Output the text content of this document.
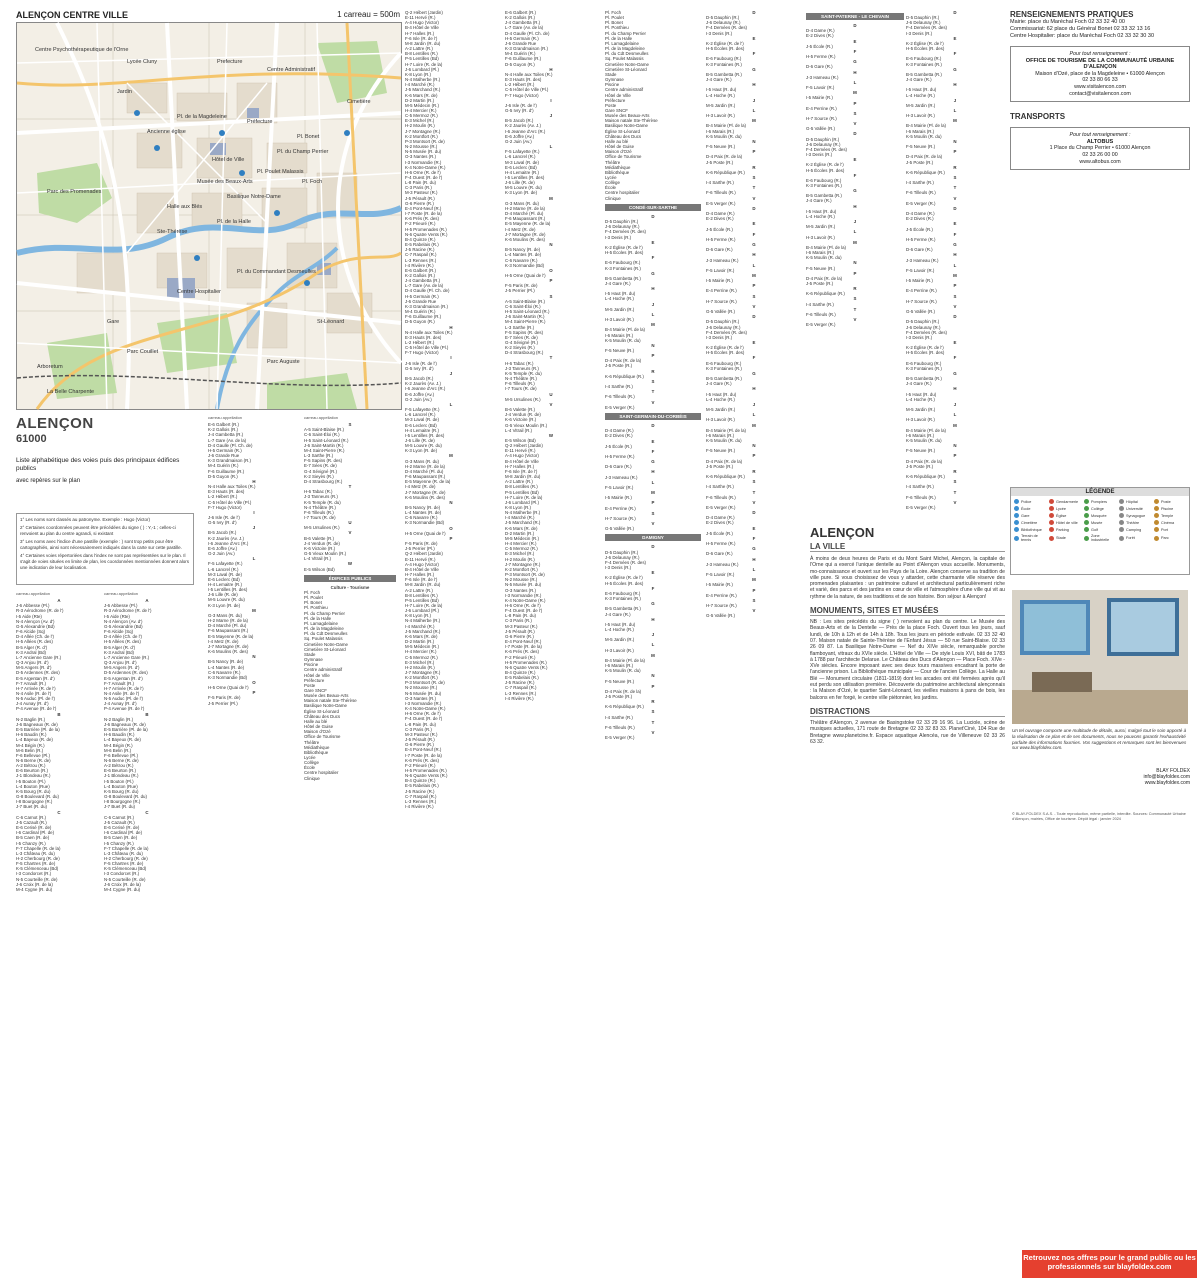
ALENÇON CENTRE VILLE	1 carreau = 500m
Centre Psychothérapeutique de l'Orne
Lycée Cluny	Prefecture
Centre Administratif
Jardin
Hôtel de Ville
Préfecture
Pl. de la Magdeleine
Ancienne église
Musée des Beaux-Arts
Basilique Notre-Dame
Halle aux Blés
Ste-Thérèse
Parc des Promenades
Pl. du Champ Perrier
Pl. Poulet Malassis
Pl. de la Halle
Gare
Centre Hospitalier
Parc Couillet
Arboretum
La Belle Charpente
Pl. Bonet
Pl. du Commandant Desmeulles
Pl. Foch
St-Léonard
Cimetière
Parc Auguste
ALENÇON
61000
Liste alphabétique des voies puis des principaux édifices publics
avec repères sur le plan

1° Les noms sont classés au patronyme. Exemple : Hugo (Victor)

2° Certaines coordonnées peuvent être précédées du signe ( ) : Y,-1 ; celles-ci renvoient au plan du centre agrandi, si existant

3° Les noms avec l'indice d'une pastille (exemple : ) sont trop petits pour être cartographiés, ainsi sont nécessairement indiqués dans la carte sur cette pastille.

4° Certaines voies répertoriées dans l'index ne sont pas représentées sur le plan. Il s'agit de voies situées en limite de plan, les coordonnées mentionnées donnent alors une indication de leur localisation.

carreau appellation
A
J-6 Abbesse (Pl.)
R-3 Aérodrome (R. de l')
I-5 Aide (Rte)
N-4 Alençon (Av. d')
G-5 Alexandrie (Bd)
F-6 Alcide (Sq)
D-4 Allée (Ch. de l')
H-5 Allées (R. des)
B-5 Alger (R. d')
K-3 Andral (Bd)
L-7 Ancienne Gare (R.)
Q-3 Anjou (R. d')
M-5 Angers (R. d')
D-5 Ardennes (R. des)
E-5 Argentan (R. d')
F-7 Arnault (R.)
H-7 Arrivée (R. de l')
N-4 Asile (R. de l')
N-5 Auduc (Pl. de l')
J-4 Aunay (R. d')
P-4 Avenue (R. de l')
B
N-2 Baglin (R.)
J-6 Bagneaux (R. de)
E-5 Barrière (Pl. de la)
H-6 Baudin (R.)
L-4 Bayeux (R. de)
M-4 Bégin (R.)
M-6 Belin (R.)
F-6 Bellevue (Pl.)
N-6 Berne (R. de)
A-2 Bétrou (R.)
E-6 Beurton (R.)
J-1 Blondeau (R.)
I-5 Bouton (Pl.)
L-4 Bouton (Rue)
K-5 Bourg (R. du)
G-8 Boulevard (R. du)
I-8 Bourgogne (R.)
J-7 Buet (R. du)
C
C-6 Carnot (R.)
J-5 Cazault (R.)
E-6 Cerisé (R. de)
I-6 Cardinal (Pl. de)
B-5 Caen (R. de)
I-5 Chanzy (R.)
F-7 Chapelle (R. de la)
L-3 Château (R. du)
H-2 Cherbourg (R. de)
F-5 Chartres (R. de)
K-5 Clémenceau (Bd)
I-3 Condorcet (R.)
N-5 Courteille (R. de)
J-6 Croix (R. de la)
M-4 Cygne (R. du)
carreau appellation
A
J-6 Abbesse (Pl.)
R-3 Aérodrome (R. de l')
I-5 Aide (Rte)
N-4 Alençon (Av. d')
G-5 Alexandrie (Bd)
F-6 Alcide (Sq)
D-4 Allée (Ch. de l')
H-5 Allées (R. des)
B-5 Alger (R. d')
K-3 Andral (Bd)
L-7 Ancienne Gare (R.)
Q-3 Anjou (R. d')
M-5 Angers (R. d')
D-5 Ardennes (R. des)
E-5 Argentan (R. d')
F-7 Arnault (R.)
H-7 Arrivée (R. de l')
N-4 Asile (R. de l')
N-5 Auduc (Pl. de l')
J-4 Aunay (R. d')
P-4 Avenue (R. de l')
B
N-2 Baglin (R.)
J-6 Bagneaux (R. de)
E-5 Barrière (Pl. de la)
H-6 Baudin (R.)
L-4 Bayeux (R. de)
M-4 Bégin (R.)
M-6 Belin (R.)
F-6 Bellevue (Pl.)
N-6 Berne (R. de)
A-2 Bétrou (R.)
E-6 Beurton (R.)
J-1 Blondeau (R.)
I-5 Bouton (Pl.)
L-4 Bouton (Rue)
K-5 Bourg (R. du)
G-8 Boulevard (R. du)
I-8 Bourgogne (R.)
J-7 Buet (R. du)
C
C-6 Carnot (R.)
J-5 Cazault (R.)
E-6 Cerisé (R. de)
I-6 Cardinal (Pl. de)
B-5 Caen (R. de)
I-5 Chanzy (R.)
F-7 Chapelle (R. de la)
L-3 Château (R. du)
H-2 Cherbourg (R. de)
F-5 Chartres (R. de)
K-5 Clémenceau (Bd)
I-3 Condorcet (R.)
N-5 Courteille (R. de)
J-6 Croix (R. de la)
M-4 Cygne (R. du)
carreau appellation
E-6 Galbert (R.)
K-2 Gallois (R.)
J-4 Gambetta (R.)
L-7 Gare (Av. de la)
D-4 Gaulle (Pl. Ch. de)
H-5 Germain (R.)
J-6 Grande Rue
K-3 Grandmaison (R.)
M-4 Guérin (R.)
F-6 Guillaume (R.)
D-5 Guyon (R.)
H
N-4 Halle aux Toiles (R.)
E-3 Hauts (R. des)
L-2 Hébert (R.)
C-5 Hôtel de Ville (Pl.)
F-7 Hugo (Victor)
I
J-6 Isle (R. de l')
G-5 Ivry (R. d')
J
B-5 Jacob (R.)
K-2 Jaurès (Av. J.)
I-6 Jeanne d'Arc (R.)
E-6 Joffre (Av.)
G-2 Juin (Av.)
L
F-5 Lafayette (R.)
L-6 Lancrel (R.)
M-3 Laval (R. de)
E-6 Leclerc (Bd)
H-4 Lemaitre (R.)
I-5 Lentilles (R. des)
J-6 Lille (R. de)
M-5 Louvre (R. du)
K-3 Lyon (R. de)
M
G-3 Mans (R. du)
H-2 Marne (R. de la)
D-4 Marché (Pl. du)
F-6 Maupassant (R.)
E-5 Mayenne (R. de la)
I-4 Metz (R. de)
J-7 Mortagne (R. de)
K-6 Moulins (R. des)
N
B-5 Nancy (R. de)
L-4 Nantes (R. de)
C-6 Navarre (R.)
K-3 Normandie (Bd)
O
H-5 Orne (Quai de l')
P
F-5 Paris (R. de)
J-5 Perrier (Pl.)
carreau appellation
S
A-5 Saint-Blaise (R.)
C-6 Saint-Éloi (R.)
H-5 Saint-Léonard (R.)
J-6 Saint-Martin (R.)
M-4 Saint-Pierre (R.)
L-3 Sarthe (R.)
F-5 Sapins (R. des)
E-7 Sées (R. de)
G-4 Sévigné (R.)
K-2 Sieyès (R.)
D-4 Strasbourg (R.)
T
H-6 Tabac (R.)
J-3 Tanneurs (R.)
K-5 Temple (R. du)
N-4 Théâtre (R.)
F-6 Tilleuls (R.)
I-7 Tours (R. de)
U
M-5 Ursulines (R.)
V
B-6 Valette (R.)
J-4 Verdun (R. de)
K-6 Victoire (R.)
G-5 Vieux Moulin (R.)
L-4 Vitrail (R.)
W
E-5 Wilson (Bd)
ÉDIFICES PUBLICS
Culture - Tourisme
Pl. Foch
Pl. Poulet
Pl. Bonet
Pl. Ponthieu
Pl. du Champ Perrier
Pl. de la Halle
Pl. Lamagdelaine
Pl. de la Magdeleine
Pl. du Cdt Desmeulles
Sq. Poulet Malassis
Cimetière Notre-Dame
Cimetière St-Léonard
Stade
Gymnase
Piscine
Centre administratif
Hôtel de Ville
Préfecture
Poste
Gare SNCF
Musée des Beaux-Arts
Maison natale Ste-Thérèse
Basilique Notre-Dame
Église St-Léonard
Château des Ducs
Halle au blé
Hôtel de Guise
Maison d'Ozé
Office de Tourisme
Théâtre
Médiathèque
Bibliothèque
Lycée
Collège
École
Centre hospitalier
Clinique
Q-2 Hébert (Jardin)
E-11 Hervé (R.)
A-4 Hugo (Victor)
B-4 Hôtel de Ville
H-7 Halles (R.)
F-6 Isle (R. de l')
M-8 Jardin (R. du)
A-2 Lattre (R.)
B-8 Lentilles (R.)
P-5 Lentilles (Bd)
H-7 Loire (R. de la)
J-6 Lombard (Pl.)
K-8 Lyon (R.)
N-4 Malherbe (R.)
I-4 Marché (R.)
J-5 Marchand (R.)
K-6 Mars (R. de)
D-2 Martin (R.)
M-5 Médecin (R.)
H-4 Mercier (R.)
C-5 Mermoz (R.)
E-3 Michel (R.)
H-2 Moulin (R.)
J-7 Montagne (R.)
K-2 Montfort (R.)
P-3 Montsort (R. de)
N-2 Mousse (R.)
N-5 Musée (R. du)
O-3 Nantes (R.)
I-3 Normandie (R.)
K-4 Notre-Dame (R.)
H-6 Orne (R. de l')
F-4 Ouest (R. de l')
L-8 Pain (R. du)
C-3 Paris (R.)
M-3 Pasteur (R.)
J-5 Pérault (R.)
G-6 Pierre (R.)
E-4 Pont-Neuf (R.)
I-7 Poste (R. de la)
K-6 Prés (R. des)
F-2 Prieuré (R.)
H-5 Promenades (R.)
N-6 Quatre Vents (R.)
B-4 Quinze (R.)
E-5 Rabelais (R.)
J-5 Racine (R.)
C-7 Raspail (R.)
L-3 Rennes (R.)
I-4 Rivière (R.)
E-6 Galbert (R.)
K-2 Gallois (R.)
J-4 Gambetta (R.)
L-7 Gare (Av. de la)
D-4 Gaulle (Pl. Ch. de)
H-5 Germain (R.)
J-6 Grande Rue
K-3 Grandmaison (R.)
M-4 Guérin (R.)
F-6 Guillaume (R.)
D-5 Guyon (R.)
H
N-4 Halle aux Toiles (R.)
E-3 Hauts (R. des)
L-2 Hébert (R.)
C-5 Hôtel de Ville (Pl.)
F-7 Hugo (Victor)
I
J-6 Isle (R. de l')
G-5 Ivry (R. d')
J
B-5 Jacob (R.)
K-2 Jaurès (Av. J.)
I-6 Jeanne d'Arc (R.)
E-6 Joffre (Av.)
G-2 Juin (Av.)
L
F-5 Lafayette (R.)
L-6 Lancrel (R.)
M-3 Laval (R. de)
E-6 Leclerc (Bd)
H-4 Lemaitre (R.)
I-5 Lentilles (R. des)
J-6 Lille (R. de)
M-5 Louvre (R. du)
K-3 Lyon (R. de)
M
G-3 Mans (R. du)
H-2 Marne (R. de la)
D-4 Marché (Pl. du)
F-6 Maupassant (R.)
E-5 Mayenne (R. de la)
I-4 Metz (R. de)
J-7 Mortagne (R. de)
K-6 Moulins (R. des)
N
B-5 Nancy (R. de)
L-4 Nantes (R. de)
C-6 Navarre (R.)
K-3 Normandie (Bd)
O
H-5 Orne (Quai de l')
P
F-5 Paris (R. de)
J-5 Perrier (Pl.)
Q-2 Hébert (Jardin)
E-11 Hervé (R.)
A-4 Hugo (Victor)
B-4 Hôtel de Ville
H-7 Halles (R.)
F-6 Isle (R. de l')
M-8 Jardin (R. du)
A-2 Lattre (R.)
B-8 Lentilles (R.)
P-5 Lentilles (Bd)
H-7 Loire (R. de la)
J-6 Lombard (Pl.)
K-8 Lyon (R.)
N-4 Malherbe (R.)
I-4 Marché (R.)
J-5 Marchand (R.)
K-6 Mars (R. de)
D-2 Martin (R.)
M-5 Médecin (R.)
H-4 Mercier (R.)
C-5 Mermoz (R.)
E-3 Michel (R.)
H-2 Moulin (R.)
J-7 Montagne (R.)
K-2 Montfort (R.)
P-3 Montsort (R. de)
N-2 Mousse (R.)
N-5 Musée (R. du)
O-3 Nantes (R.)
I-3 Normandie (R.)
K-4 Notre-Dame (R.)
H-6 Orne (R. de l')
F-4 Ouest (R. de l')
L-8 Pain (R. du)
C-3 Paris (R.)
M-3 Pasteur (R.)
J-5 Pérault (R.)
G-6 Pierre (R.)
E-4 Pont-Neuf (R.)
I-7 Poste (R. de la)
K-6 Prés (R. des)
F-2 Prieuré (R.)
H-5 Promenades (R.)
N-6 Quatre Vents (R.)
B-4 Quinze (R.)
E-5 Rabelais (R.)
J-5 Racine (R.)
C-7 Raspail (R.)
L-3 Rennes (R.)
I-4 Rivière (R.)
E-6 Galbert (R.)
K-2 Gallois (R.)
J-4 Gambetta (R.)
L-7 Gare (Av. de la)
D-4 Gaulle (Pl. Ch. de)
H-5 Germain (R.)
J-6 Grande Rue
K-3 Grandmaison (R.)
M-4 Guérin (R.)
F-6 Guillaume (R.)
D-5 Guyon (R.)
H
N-4 Halle aux Toiles (R.)
E-3 Hauts (R. des)
L-2 Hébert (R.)
C-5 Hôtel de Ville (Pl.)
F-7 Hugo (Victor)
I
J-6 Isle (R. de l')
G-5 Ivry (R. d')
J
B-5 Jacob (R.)
K-2 Jaurès (Av. J.)
I-6 Jeanne d'Arc (R.)
E-6 Joffre (Av.)
G-2 Juin (Av.)
L
F-5 Lafayette (R.)
L-6 Lancrel (R.)
M-3 Laval (R. de)
E-6 Leclerc (Bd)
H-4 Lemaitre (R.)
I-5 Lentilles (R. des)
J-6 Lille (R. de)
M-5 Louvre (R. du)
K-3 Lyon (R. de)
M
G-3 Mans (R. du)
H-2 Marne (R. de la)
D-4 Marché (Pl. du)
F-6 Maupassant (R.)
E-5 Mayenne (R. de la)
I-4 Metz (R. de)
J-7 Mortagne (R. de)
K-6 Moulins (R. des)
N
B-5 Nancy (R. de)
L-4 Nantes (R. de)
C-6 Navarre (R.)
K-3 Normandie (Bd)
O
H-5 Orne (Quai de l')
P
F-5 Paris (R. de)
J-5 Perrier (Pl.)
S
A-5 Saint-Blaise (R.)
C-6 Saint-Éloi (R.)
H-5 Saint-Léonard (R.)
J-6 Saint-Martin (R.)
M-4 Saint-Pierre (R.)
L-3 Sarthe (R.)
F-5 Sapins (R. des)
E-7 Sées (R. de)
G-4 Sévigné (R.)
K-2 Sieyès (R.)
D-4 Strasbourg (R.)
T
H-6 Tabac (R.)
J-3 Tanneurs (R.)
K-5 Temple (R. du)
N-4 Théâtre (R.)
F-6 Tilleuls (R.)
I-7 Tours (R. de)
U
M-5 Ursulines (R.)
V
B-6 Valette (R.)
J-4 Verdun (R. de)
K-6 Victoire (R.)
G-5 Vieux Moulin (R.)
L-4 Vitrail (R.)
W
E-5 Wilson (Bd)
Q-2 Hébert (Jardin)
E-11 Hervé (R.)
A-4 Hugo (Victor)
B-4 Hôtel de Ville
H-7 Halles (R.)
F-6 Isle (R. de l')
M-8 Jardin (R. du)
A-2 Lattre (R.)
B-8 Lentilles (R.)
P-5 Lentilles (Bd)
H-7 Loire (R. de la)
J-6 Lombard (Pl.)
K-8 Lyon (R.)
N-4 Malherbe (R.)
I-4 Marché (R.)
J-5 Marchand (R.)
K-6 Mars (R. de)
D-2 Martin (R.)
M-5 Médecin (R.)
H-4 Mercier (R.)
C-5 Mermoz (R.)
E-3 Michel (R.)
H-2 Moulin (R.)
J-7 Montagne (R.)
K-2 Montfort (R.)
P-3 Montsort (R. de)
N-2 Mousse (R.)
N-5 Musée (R. du)
O-3 Nantes (R.)
I-3 Normandie (R.)
K-4 Notre-Dame (R.)
H-6 Orne (R. de l')
F-4 Ouest (R. de l')
L-8 Pain (R. du)
C-3 Paris (R.)
M-3 Pasteur (R.)
J-5 Pérault (R.)
G-6 Pierre (R.)
E-4 Pont-Neuf (R.)
I-7 Poste (R. de la)
K-6 Prés (R. des)
F-2 Prieuré (R.)
H-5 Promenades (R.)
N-6 Quatre Vents (R.)
B-4 Quinze (R.)
E-5 Rabelais (R.)
J-5 Racine (R.)
C-7 Raspail (R.)
L-3 Rennes (R.)
I-4 Rivière (R.)
Pl. Foch
Pl. Poulet
Pl. Bonet
Pl. Ponthieu
Pl. du Champ Perrier
Pl. de la Halle
Pl. Lamagdelaine
Pl. de la Magdeleine
Pl. du Cdt Desmeulles
Sq. Poulet Malassis
Cimetière Notre-Dame
Cimetière St-Léonard
Stade
Gymnase
Piscine
Centre administratif
Hôtel de Ville
Préfecture
Poste
Gare SNCF
Musée des Beaux-Arts
Maison natale Ste-Thérèse
Basilique Notre-Dame
Église St-Léonard
Château des Ducs
Halle au blé
Hôtel de Guise
Maison d'Ozé
Office de Tourisme
Théâtre
Médiathèque
Bibliothèque
Lycée
Collège
École
Centre hospitalier
Clinique
CONDÉ-SUR-SARTHE
D
D-5 Dauphin (R.)
J-6 Delaunay (R.)
F-4 Demées (R. des)
I-3 Denis (R.)
E
K-2 Église (R. de l')
H-5 Écoles (R. des)
F
E-6 Faubourg (R.)
K-3 Fontaines (R.)
G
B-5 Gambetta (R.)
J-4 Gare (R.)
H
I-5 Haut (R. du)
L-4 Hoche (R.)
J
M-5 Jardin (R.)
L
H-3 Lavoir (R.)
M
B-4 Mairie (Pl. de la)
I-6 Marais (R.)
K-5 Moulin (R. du)
N
F-5 Neuve (R.)
P
D-4 Paix (R. de la)
J-5 Poste (R.)
R
K-6 République (R.)
S
I-4 Sarthe (R.)
T
F-6 Tilleuls (R.)
V
E-5 Verger (R.)
SAINT-GERMAIN-DU-CORBÉIS
D
D-4 Dame (R.)
E-2 Dives (R.)
E
J-5 École (R.)
F
H-5 Ferme (R.)
G
D-6 Gare (R.)
H
J-3 Hameau (R.)
L
F-5 Lavoir (R.)
M
I-5 Mairie (R.)
P
E-4 Perrine (R.)
S
H-7 Source (R.)
V
G-5 Vallée (R.)
DAMIGNY
D
D-5 Dauphin (R.)
J-6 Delaunay (R.)
F-4 Demées (R. des)
I-3 Denis (R.)
E
K-2 Église (R. de l')
H-5 Écoles (R. des)
F
E-6 Faubourg (R.)
K-3 Fontaines (R.)
G
B-5 Gambetta (R.)
J-4 Gare (R.)
H
I-5 Haut (R. du)
L-4 Hoche (R.)
J
M-5 Jardin (R.)
L
H-3 Lavoir (R.)
M
B-4 Mairie (Pl. de la)
I-6 Marais (R.)
K-5 Moulin (R. du)
N
F-5 Neuve (R.)
P
D-4 Paix (R. de la)
J-5 Poste (R.)
R
K-6 République (R.)
S
I-4 Sarthe (R.)
T
F-6 Tilleuls (R.)
V
E-5 Verger (R.)
D
D-5 Dauphin (R.)
J-6 Delaunay (R.)
F-4 Demées (R. des)
I-3 Denis (R.)
E
K-2 Église (R. de l')
H-5 Écoles (R. des)
F
E-6 Faubourg (R.)
K-3 Fontaines (R.)
G
B-5 Gambetta (R.)
J-4 Gare (R.)
H
I-5 Haut (R. du)
L-4 Hoche (R.)
J
M-5 Jardin (R.)
L
H-3 Lavoir (R.)
M
B-4 Mairie (Pl. de la)
I-6 Marais (R.)
K-5 Moulin (R. du)
N
F-5 Neuve (R.)
P
D-4 Paix (R. de la)
J-5 Poste (R.)
R
K-6 République (R.)
S
I-4 Sarthe (R.)
T
F-6 Tilleuls (R.)
V
E-5 Verger (R.)
D
D-4 Dame (R.)
E-2 Dives (R.)
E
J-5 École (R.)
F
H-5 Ferme (R.)
G
D-6 Gare (R.)
H
J-3 Hameau (R.)
L
F-5 Lavoir (R.)
M
I-5 Mairie (R.)
P
E-4 Perrine (R.)
S
H-7 Source (R.)
V
G-5 Vallée (R.)
D
D-5 Dauphin (R.)
J-6 Delaunay (R.)
F-4 Demées (R. des)
I-3 Denis (R.)
E
K-2 Église (R. de l')
H-5 Écoles (R. des)
F
E-6 Faubourg (R.)
K-3 Fontaines (R.)
G
B-5 Gambetta (R.)
J-4 Gare (R.)
H
I-5 Haut (R. du)
L-4 Hoche (R.)
J
M-5 Jardin (R.)
L
H-3 Lavoir (R.)
M
B-4 Mairie (Pl. de la)
I-6 Marais (R.)
K-5 Moulin (R. du)
N
F-5 Neuve (R.)
P
D-4 Paix (R. de la)
J-5 Poste (R.)
R
K-6 République (R.)
S
I-4 Sarthe (R.)
T
F-6 Tilleuls (R.)
V
E-5 Verger (R.)
D
D-4 Dame (R.)
E-2 Dives (R.)
E
J-5 École (R.)
F
H-5 Ferme (R.)
G
D-6 Gare (R.)
H
J-3 Hameau (R.)
L
F-5 Lavoir (R.)
M
I-5 Mairie (R.)
P
E-4 Perrine (R.)
S
H-7 Source (R.)
V
G-5 Vallée (R.)
SAINT-PATERNE - LE CHEVAIN
D
D-4 Dame (R.)
E-2 Dives (R.)
E
J-5 École (R.)
F
H-5 Ferme (R.)
G
D-6 Gare (R.)
H
J-3 Hameau (R.)
L
F-5 Lavoir (R.)
M
I-5 Mairie (R.)
P
E-4 Perrine (R.)
S
H-7 Source (R.)
V
G-5 Vallée (R.)
D
D-5 Dauphin (R.)
J-6 Delaunay (R.)
F-4 Demées (R. des)
I-3 Denis (R.)
E
K-2 Église (R. de l')
H-5 Écoles (R. des)
F
E-6 Faubourg (R.)
K-3 Fontaines (R.)
G
B-5 Gambetta (R.)
J-4 Gare (R.)
H
I-5 Haut (R. du)
L-4 Hoche (R.)
J
M-5 Jardin (R.)
L
H-3 Lavoir (R.)
M
B-4 Mairie (Pl. de la)
I-6 Marais (R.)
K-5 Moulin (R. du)
N
F-5 Neuve (R.)
P
D-4 Paix (R. de la)
J-5 Poste (R.)
R
K-6 République (R.)
S
I-4 Sarthe (R.)
T
F-6 Tilleuls (R.)
V
E-5 Verger (R.)
D
D-5 Dauphin (R.)
J-6 Delaunay (R.)
F-4 Demées (R. des)
I-3 Denis (R.)
E
K-2 Église (R. de l')
H-5 Écoles (R. des)
F
E-6 Faubourg (R.)
K-3 Fontaines (R.)
G
B-5 Gambetta (R.)
J-4 Gare (R.)
H
I-5 Haut (R. du)
L-4 Hoche (R.)
J
M-5 Jardin (R.)
L
H-3 Lavoir (R.)
M
B-4 Mairie (Pl. de la)
I-6 Marais (R.)
K-5 Moulin (R. du)
N
F-5 Neuve (R.)
P
D-4 Paix (R. de la)
J-5 Poste (R.)
R
K-6 République (R.)
S
I-4 Sarthe (R.)
T
F-6 Tilleuls (R.)
V
E-5 Verger (R.)
D
D-4 Dame (R.)
E-2 Dives (R.)
E
J-5 École (R.)
F
H-5 Ferme (R.)
G
D-6 Gare (R.)
H
J-3 Hameau (R.)
L
F-5 Lavoir (R.)
M
I-5 Mairie (R.)
P
E-4 Perrine (R.)
S
H-7 Source (R.)
V
G-5 Vallée (R.)
D
D-5 Dauphin (R.)
J-6 Delaunay (R.)
F-4 Demées (R. des)
I-3 Denis (R.)
E
K-2 Église (R. de l')
H-5 Écoles (R. des)
F
E-6 Faubourg (R.)
K-3 Fontaines (R.)
G
B-5 Gambetta (R.)
J-4 Gare (R.)
H
I-5 Haut (R. du)
L-4 Hoche (R.)
J
M-5 Jardin (R.)
L
H-3 Lavoir (R.)
M
B-4 Mairie (Pl. de la)
I-6 Marais (R.)
K-5 Moulin (R. du)
N
F-5 Neuve (R.)
P
D-4 Paix (R. de la)
J-5 Poste (R.)
R
K-6 République (R.)
S
I-4 Sarthe (R.)
T
F-6 Tilleuls (R.)
V
E-5 Verger (R.)
RENSEIGNEMENTS PRATIQUES
Mairie: place du Maréchal Foch 02 33 32 40 00
Commissariat: 62 place du Général Bonet 02 33 32 13 16
Centre Hospitalier: place du Maréchal Foch 02 33 32 30 30
Pour tout renseignement :
OFFICE DE TOURISME DE LA COMMUNAUTÉ URBAINE D'ALENÇON
Maison d'Ozé, place de la Magdeleine • 61000 Alençon
02 33 80 66 33
www.visitalencon.com
contact@visitalencon.com
TRANSPORTS
Pour tout renseignement :
ALTOBUS
1 Place du Champ Perrier • 61000 Alençon
02 33 26 00 00
www.altobus.com
LÉGENDE
Police	Gendarmerie	Pompiers	Hôpital	Poste
École	Lycée	Collège	Université	Piscine
Gare	Église	Mosquée	Synagogue	Temple
Cimetière	Hôtel de ville	Musée	Théâtre	Cinéma
Bibliothèque	Parking	Golf	Camping	Port
Terrain de tennis	Stade	Zone industrielle	Forêt	Parc
ALENÇON
LA VILLE
À moins de deux heures de Paris et du Mont Saint Michel, Alençon, la capitale de l'Orne qui a exercé l'unique dentelle au Point d'Alençon vous accueille. Monuments, mo-connaissance et ouvert sur les Pays de la Loire. Alençon conserve sa tradition de ville pure. Si vous choisissez de vous y attarder, cette charmante ville réserve des promenades plaisantes : un patrimoine culturel et architectural particulièrement riche et varié, des parcs et des jardins en cœur de ville et l'atmosphère d'une ville qui vit au rythme de la nature, de ses traditions et de son histoire. Bon séjour à Alençon!
MONUMENTS, SITES ET MUSÉES
NB : Les sites précédés du signe ( ) renvoient au plan du centre. Le Musée des Beaux-Arts et de la Dentelle — Près de la place Foch. Ouvert tous les jours, sauf lundi, de 10h à 12h et de 14h à 18h. Tous les jours en période estivale. 02 33 32 40 07. Maison natale de Sainte-Thérèse de l'Enfant Jésus — 50 rue Saint-Blaise. 02 33 26 09 87. La Basilique Notre-Dame — Nef du XIVe siècle, remarquable porche flamboyant, vitraux du XVIe siècle. L'Hôtel de Ville — De style Louis XVI, bâti de 1783 à 1788 par l'architecte Delarue. Le Château des Ducs d'Alençon — Place Foch. XIVe - XVe siècles. Encore imposant avec ses deux tours massives encadrant la porte de l'ancienne prison. La Bibliothèque municipale — Cour de l'ancien Collège. La Halle au Blé — Monument circulaire (1811-1819) dont les arcades ont été fermées après qu'il eut perdu son utilisation première. Découverte du patrimoine architectural alençonnais : la Maison d'Ozé, le quartier Saint-Léonard, les vieilles maisons à pans de bois, les balcons en fer forgé, le centre ville piétonnier, les jardins.
DISTRACTIONS
Théâtre d'Alençon, 2 avenue de Basingstoke 02 33 29 16 96. La Luciole, scène de musiques actuelles, 171 route de Bretagne 02 33 32 83 33. Planet'Ciné, 104 Rue de Bretagne www.planetcine.fr. Espace aquatique Alencéa, rue de Villeneuve 02 33 26 63 32.
Retrouvez nos offres pour le grand public ou les professionnels sur blayfoldex.com
Un tel ouvrage comporte une multitude de détails, aussi, malgré tout le soin apporté à la réalisation de ce plan et de ses documents, nous ne pouvons garantir l'exhaustivité parfaite des informations fournies. Vos suggestions et remarques sont les bienvenues sur www.blayfoldex.com.
BLAY FOLDEX
info@blayfoldex.com
www.blayfoldex.com
© BLAY-FOLDEX S.A.S. - Toute reproduction, même partielle, interdite. Sources: Communauté Urbaine d'Alençon, mairies, Office de tourisme. Dépôt légal : janvier 2024
